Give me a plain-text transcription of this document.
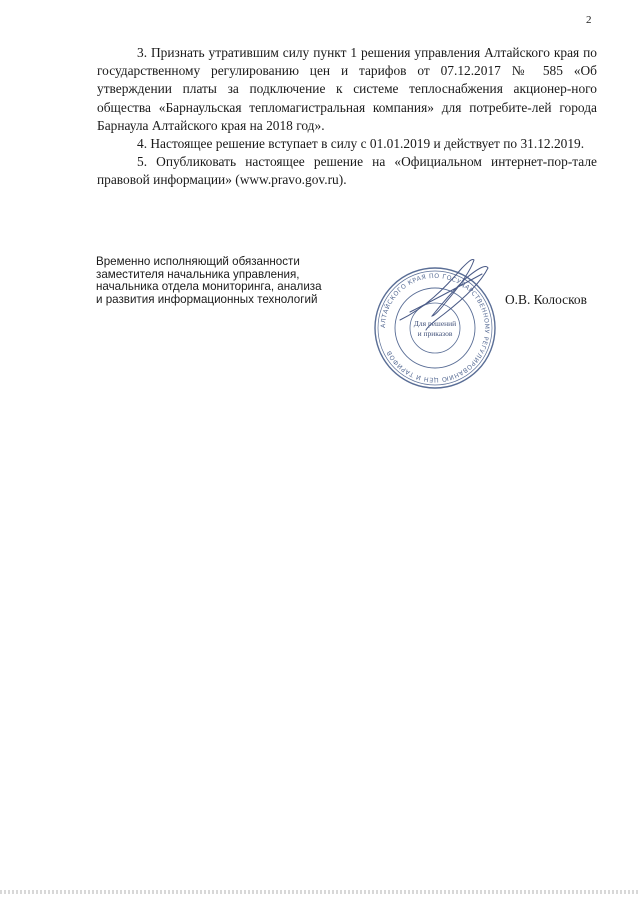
2

3. Признать утратившим силу пункт 1 решения управления Алтайского края по государственному регулированию цен и тарифов от 07.12.2017 № 585 «Об утверждении платы за подключение к системе теплоснабжения акционер-ного общества «Барнаульская тепломагистральная компания» для потребите-лей города Барнаула Алтайского края на 2018 год».

4. Настоящее решение вступает в силу с 01.01.2019 и действует по 31.12.2019.

5. Опубликовать настоящее решение на «Официальном интернет-пор-тале правовой информации» (www.pravo.gov.ru).

Временно исполняющий обязанности
заместителя начальника управления,
начальника отдела мониторинга, анализа
и развития информационных технологий
АЛТАЙСКОГО КРАЯ ПО ГОСУДАРСТВЕННОМУ РЕГУЛИРОВАНИЮ ЦЕН И ТАРИФОВ
Для решений
и приказов
О.В. Колосков
